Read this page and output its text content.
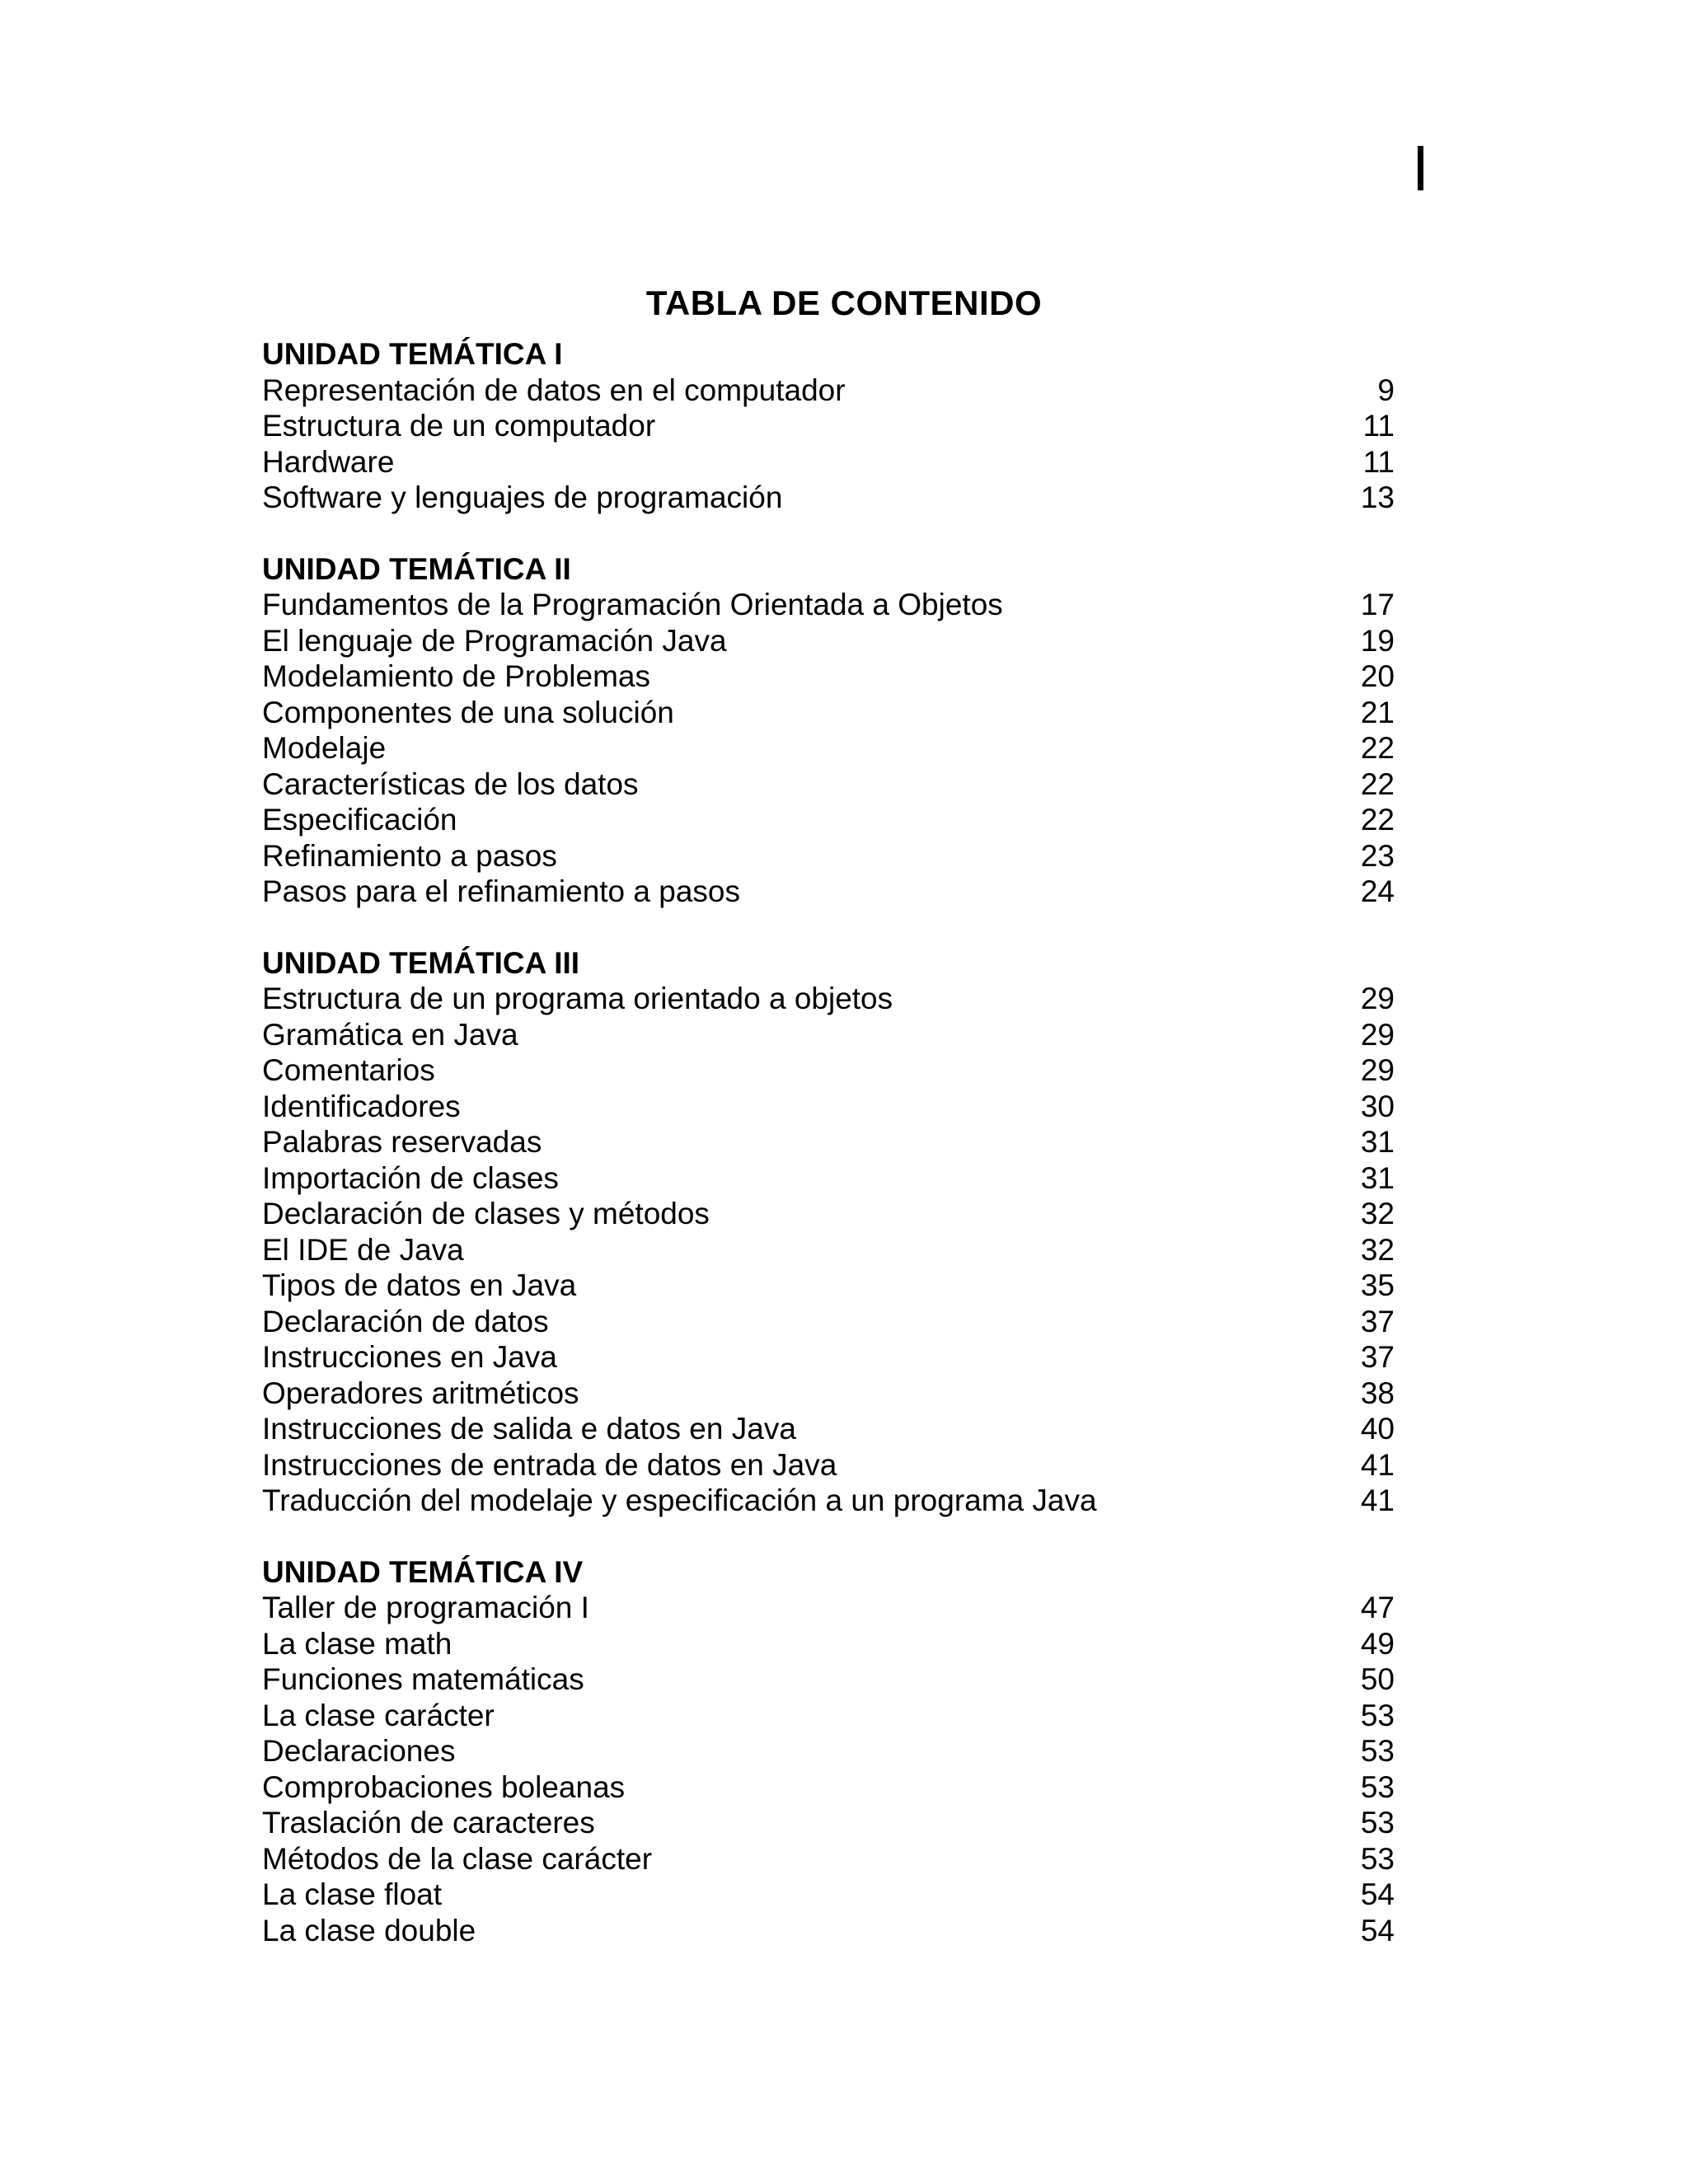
TABLA DE CONTENIDO
UNIDAD TEMÁTICA I
Representación de datos en el computador	9
Estructura de un computador	11
Hardware	11
Software y lenguajes de programación	13
UNIDAD TEMÁTICA II
Fundamentos de la Programación Orientada a Objetos	17
El lenguaje de Programación Java	19
Modelamiento de Problemas	20
Componentes de una solución	21
Modelaje	22
Características de los datos	22
Especificación	22
Refinamiento a pasos	23
Pasos para el refinamiento a pasos	24
UNIDAD TEMÁTICA III
Estructura de un programa orientado a objetos	29
Gramática en Java	29
Comentarios	29
Identificadores	30
Palabras reservadas	31
Importación de clases	31
Declaración de clases y métodos	32
El IDE de Java	32
Tipos de datos en Java	35
Declaración de datos	37
Instrucciones en Java	37
Operadores aritméticos	38
Instrucciones de salida e datos en Java	40
Instrucciones de entrada de datos en Java	41
Traducción del modelaje y especificación a un programa Java	41
UNIDAD TEMÁTICA IV
Taller de programación I	47
La clase math	49
Funciones matemáticas	50
La clase carácter	53
Declaraciones	53
Comprobaciones boleanas	53
Traslación de caracteres	53
Métodos de la clase carácter	53
La clase float	54
La clase double	54
